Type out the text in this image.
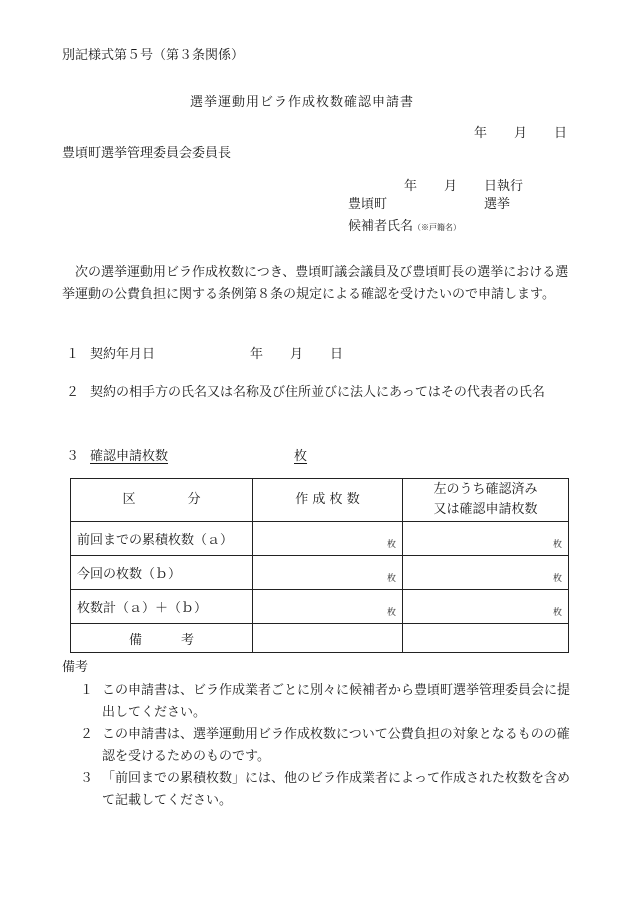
別記様式第５号（第３条関係）
選挙運動用ビラ作成枚数確認申請書
年 月 日
豊頃町選挙管理委員会委員長
年 月 日執行
豊頃町	選挙
候補者氏名（※戸籍名）
次の選挙運動用ビラ作成枚数につき、豊頃町議会議員及び豊頃町長の選挙における選挙運動の公費負担に関する条例第８条の規定による確認を受けたいので申請します。
１ 契約年月日	年 月 日
２ 契約の相手方の氏名又は名称及び住所並びに法人にあってはその代表者の氏名
３ 確認申請枚数	枚
区　　　　分	作 成 枚 数	左のうち確認済み
又は確認申請枚数

前回までの累積枚数（ａ）	枚	枚
今回の枚数（ｂ）	枚	枚
枚数計（ａ）＋（ｂ）	枚	枚
備　　　考		
備考
１ この申請書は、ビラ作成業者ごとに別々に候補者から豊頃町選挙管理委員会に提出してください。
２ この申請書は、選挙運動用ビラ作成枚数について公費負担の対象となるものの確認を受けるためのものです。
３ 「前回までの累積枚数」には、他のビラ作成業者によって作成された枚数を含めて記載してください。
